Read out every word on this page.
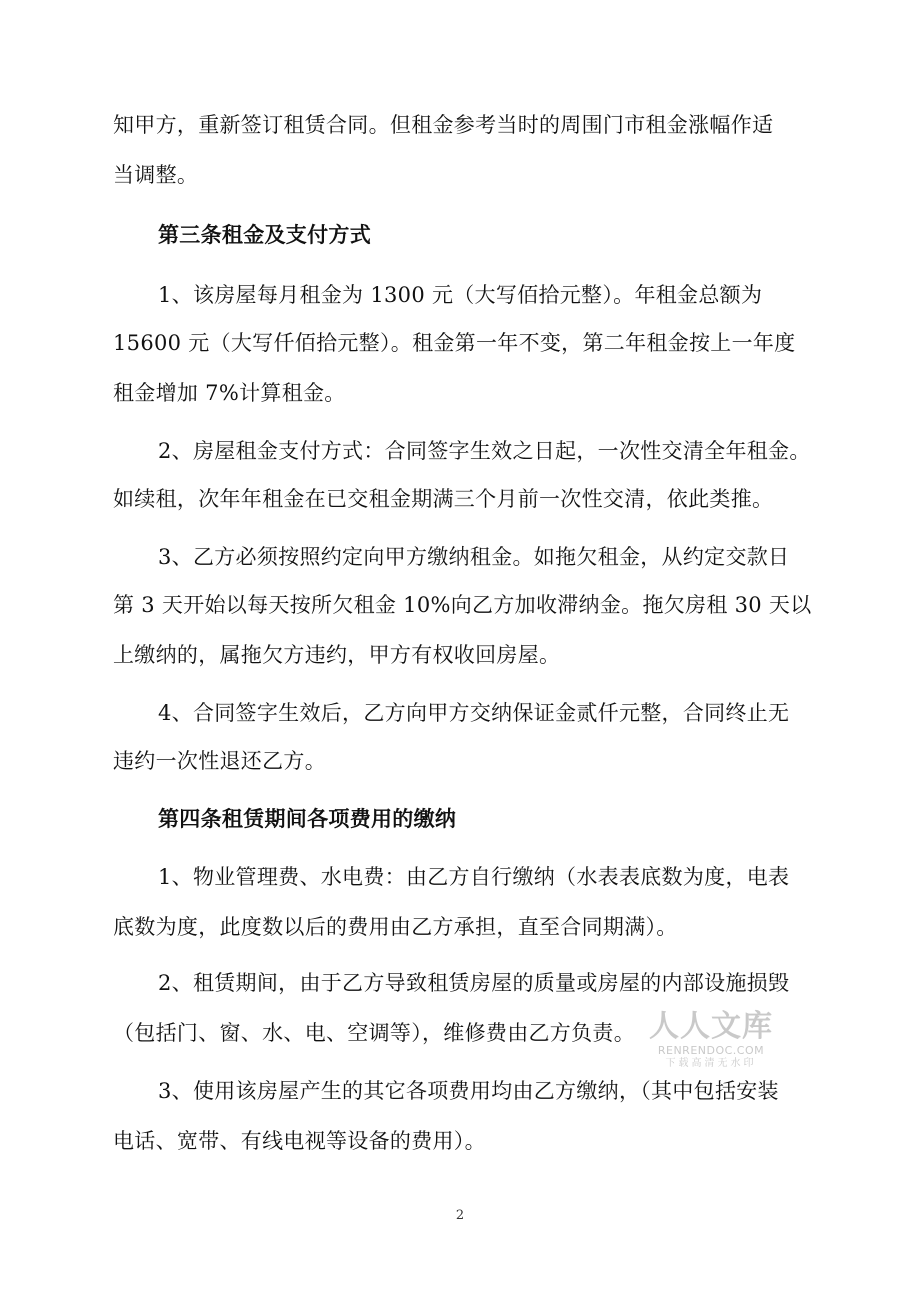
知甲方，重新签订租赁合同。但租金参考当时的周围门市租金涨幅作适
当调整。
第三条租金及支付方式
1、该房屋每月租金为 1300 元（大写佰拾元整）。年租金总额为
15600 元（大写仟佰拾元整）。租金第一年不变，第二年租金按上一年度
租金增加 7%计算租金。
2、房屋租金支付方式：合同签字生效之日起，一次性交清全年租金。
如续租，次年年租金在已交租金期满三个月前一次性交清，依此类推。
3、乙方必须按照约定向甲方缴纳租金。如拖欠租金，从约定交款日
第 3 天开始以每天按所欠租金 10%向乙方加收滞纳金。拖欠房租 30 天以
上缴纳的，属拖欠方违约，甲方有权收回房屋。
4、合同签字生效后，乙方向甲方交纳保证金贰仟元整，合同终止无
违约一次性退还乙方。
第四条租赁期间各项费用的缴纳
1、物业管理费、水电费：由乙方自行缴纳（水表表底数为度，电表
底数为度，此度数以后的费用由乙方承担，直至合同期满）。
2、租赁期间，由于乙方导致租赁房屋的质量或房屋的内部设施损毁
（包括门、窗、水、电、空调等），维修费由乙方负责。
3、使用该房屋产生的其它各项费用均由乙方缴纳，（其中包括安装
电话、宽带、有线电视等设备的费用）。
2
人人文库
RENRENDOC.COM
下载高清无水印
